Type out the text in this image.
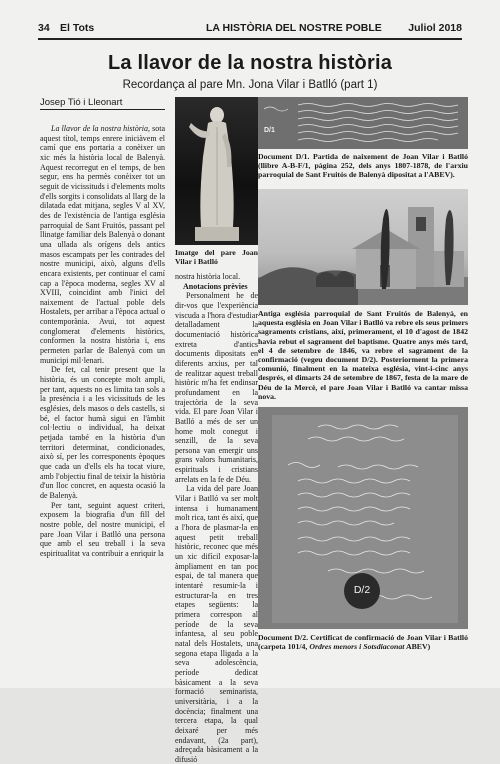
34 El Tots	LA HISTÒRIA DEL NOSTRE POBLE	Juliol 2018
La llavor de la nostra història
Recordança al pare Mn. Jona Vilar i Batlló (part 1)
Josep Tió i Lleonart

La llavor de la nostra història, sota aquest títol, temps enrere iniciàvem el camí que ens portaria a conèixer un xic més la història local de Balenyà. Aquest recorregut en el temps, de ben segur, ens ha permès conèixer tot un seguit de vicissituds i d'elements molts d'ells sorgits i consolidats al llarg de la dilatada edat mitjana, segles V al XV, des de l'existència de l'antiga església parroquial de Sant Fruitós, passant pel llinatge familiar dels Balenyà o donant una ullada als orígens dels antics masos escampats per les contrades del nostre municipi, això, alguns d'ells encara existents, per continuar el camí cap a l'època moderna, segles XV al XVIII, coincidint amb l'inici del naixement de l'actual poble dels Hostalets, per arribar a l'època actual o contemporània. Avui, tot aquest conglomerat d'elements històrics, conformen la nostra història i, ens permeten parlar de Balenyà com un municipi mil·lenari.

De fet, cal tenir present que la història, és un concepte molt ampli, per tant, aquests no es limita tan sols a la presència i a les vicissituds de les esglésies, dels masos o dels castells, si bé, el factor humà sigui en l'àmbit col·lectiu o individual, ha deixat petjada també en la història d'un territori determinat, condicionades, això sí, per les corresponents èpoques que cada un d'ells els ha tocat viure, amb l'objectiu final de teixir la història d'un lloc concret, en aquesta ocasió la de Balenyà.

Per tant, seguint aquest criteri, exposem la biografia d'un fill del nostre poble, del nostre municipi, el pare Joan Vilar i Batlló una persona que amb el seu treball i la seva espiritualitat va contribuir a enriquir la

Imatge del pare Joan Vilar i Batlló

nostra història local.

Anotacions prèvies

Personalment he de dir-vos que l'experiència viscuda a l'hora d'estudiar detalladament la documentació històrica extreta d'antics documents dipositats en diferents arxius, per tal de realitzar aquest treball històric m'ha fet endinsar profundament en la trajectòria de la seva vida. El pare Joan Vilar i Batlló a més de ser un home molt conegut i senzill, de la seva persona van emergir uns grans valors humanitaris, espirituals i cristians arrelats en la fe de Déu.

La vida del pare Joan Vilar i Batlló va ser molt intensa i humanament molt rica, tant és així, que a l'hora de plasmar-la en aquest petit treball històric, reconec que més un xic difícil exposar-la àmpliament en tan poc espai, de tal manera que intentaré resumir-la i estructurar-la en tres etapes següents: la primera correspon al període de la seva infantesa, al seu poble natal dels Hostalets, una segona etapa lligada a la seva adolescència, període dedicat bàsicament a la seva formació seminarista, universitària, i a la docència; finalment una tercera etapa, la qual deixaré per més endavant, (2a part), adreçada bàsicament a la difusió

D/1
Document D/1. Partida de naixement de Joan Vilar i Batlló (llibre A-B-F/1, pàgina 252, dels anys 1807-1878, de l'arxiu parroquial de Sant Fruitós de Balenyà dipositat a l'ABEV).
Antiga església parroquial de Sant Fruitós de Balenyà, en aquesta església en Joan Vilar i Batlló va rebre els seus primers sagraments cristians, així, primerament, el 10 d'agost de 1842 havia rebut el sagrament del baptisme. Quatre anys més tard, el 4 de setembre de 1846, va rebre el sagrament de la confirmació (vegeu document D/2). Posteriorment la primera comunió, finalment en la mateixa església, vint-i-cinc anys després, el dimarts 24 de setembre de 1867, festa de la mare de Déu de la Mercè, el pare Joan Vilar i Batlló va cantar missa nova.
D/2
Document D/2. Certificat de confirmació de Joan Vilar i Batlló (carpeta 101/4, Ordres menors i Sotsdiaconat ABEV)
